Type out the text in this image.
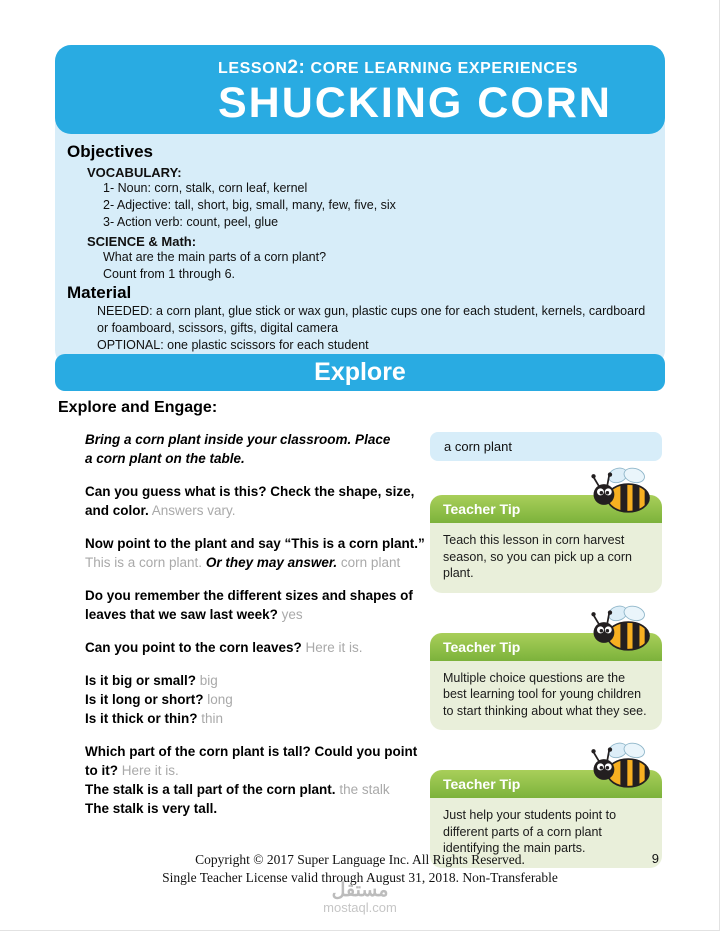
LESSON2: CORE LEARNING EXPERIENCES
SHUCKING CORN
Objectives
VOCABULARY:
1- Noun: corn, stalk, corn leaf, kernel
2- Adjective: tall, short, big, small, many, few, five, six
3- Action verb: count, peel, glue
SCIENCE & Math:
What are the main parts of a corn plant?
Count from 1 through 6.
Material
NEEDED: a corn plant, glue stick or wax gun, plastic cups one for each student, kernels, cardboard or foamboard, scissors, gifts, digital camera
OPTIONAL: one plastic scissors for each student
Explore
Explore and Engage:

Bring a corn plant inside your classroom. Place a corn plant on the table.

Can you guess what is this? Check the shape, size, and color. Answers vary.

Now point to the plant and say “This is a corn plant.”
This is a corn plant. Or they may answer. corn plant

Do you remember the different sizes and shapes of leaves that we saw last week? yes

Can you point to the corn leaves? Here it is.

Is it big or small? big
Is it long or short? long
Is it thick or thin? thin

Which part of the corn plant is tall? Could you point to it? Here it is.
The stalk is a tall part of the corn plant. the stalk
The stalk is very tall.

a corn plant
Teacher Tip
Teach this lesson in corn harvest season, so you can pick up a corn plant.
Teacher Tip
Multiple choice questions are the best learning tool for young children to start thinking about what they see.
Teacher Tip
Just help your students point to different parts of a corn plant identifying the main parts.
Copyright © 2017 Super Language Inc. All Rights Reserved.
Single Teacher License valid through August 31, 2018. Non-Transferable
9
مستقل
mostaql.com
